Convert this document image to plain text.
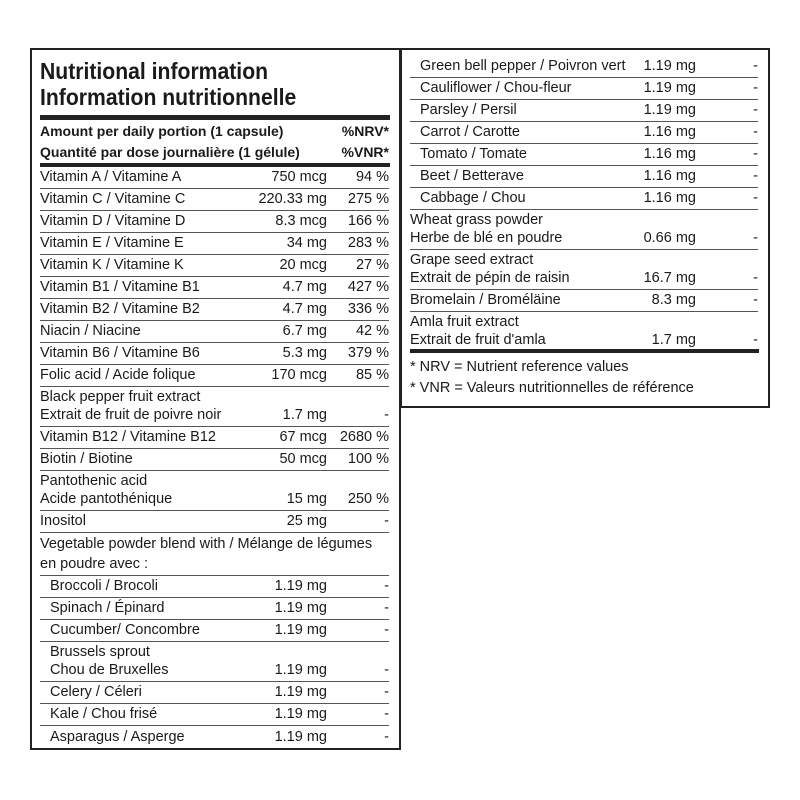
Nutritional information
Information nutritionnelle
Amount per daily portion (1 capsule)	%NRV*
Quantité par dose journalière (1 gélule)	%VNR*
Vitamin A / Vitamine A	750 mcg 94 %
Vitamin C / Vitamine C	220.33 mg 275 %
Vitamin D / Vitamine D	8.3 mcg 166 %
Vitamin E / Vitamine E	34 mg 283 %
Vitamin K / Vitamine K	20 mcg 27 %
Vitamin B1 / Vitamine B1	4.7 mg 427 %
Vitamin B2 / Vitamine B2	4.7 mg 336 %
Niacin / Niacine	6.7 mg 42 %
Vitamin B6 / Vitamine B6	5.3 mg 379 %
Folic acid / Acide folique	170 mcg 85 %
Black pepper fruit extract
Extrait de fruit de poivre noir	1.7 mg	-
Vitamin B12 / Vitamine B12	67 mcg 2680 %
Biotin / Biotine	50 mcg 100 %
Pantothenic acid
Acide pantothénique	15 mg 250 %
Inositol	25 mg	-
Vegetable powder blend with / Mélange de légumes
en poudre avec :
Broccoli / Brocoli	1.19 mg	-
Spinach / Épinard	1.19 mg	-
Cucumber/ Concombre	1.19 mg	-
Brussels sprout
Chou de Bruxelles	1.19 mg	-
Celery / Céleri	1.19 mg	-
Kale / Chou frisé	1.19 mg	-
Asparagus / Asperge	1.19 mg	-
Green bell pepper / Poivron vert 1.19 mg	-
Cauliflower / Chou-fleur	1.19 mg	-
Parsley / Persil	1.19 mg	-
Carrot / Carotte	1.16 mg	-
Tomato / Tomate	1.16 mg	-
Beet / Betterave	1.16 mg	-
Cabbage / Chou	1.16 mg	-
Wheat grass powder
Herbe de blé en poudre	0.66 mg	-
Grape seed extract
Extrait de pépin de raisin	16.7 mg	-
Bromelain / Broméläine	8.3 mg	-
Amla fruit extract
Extrait de fruit d'amla	1.7 mg	-
* NRV = Nutrient reference values
* VNR = Valeurs nutritionnelles de référence
